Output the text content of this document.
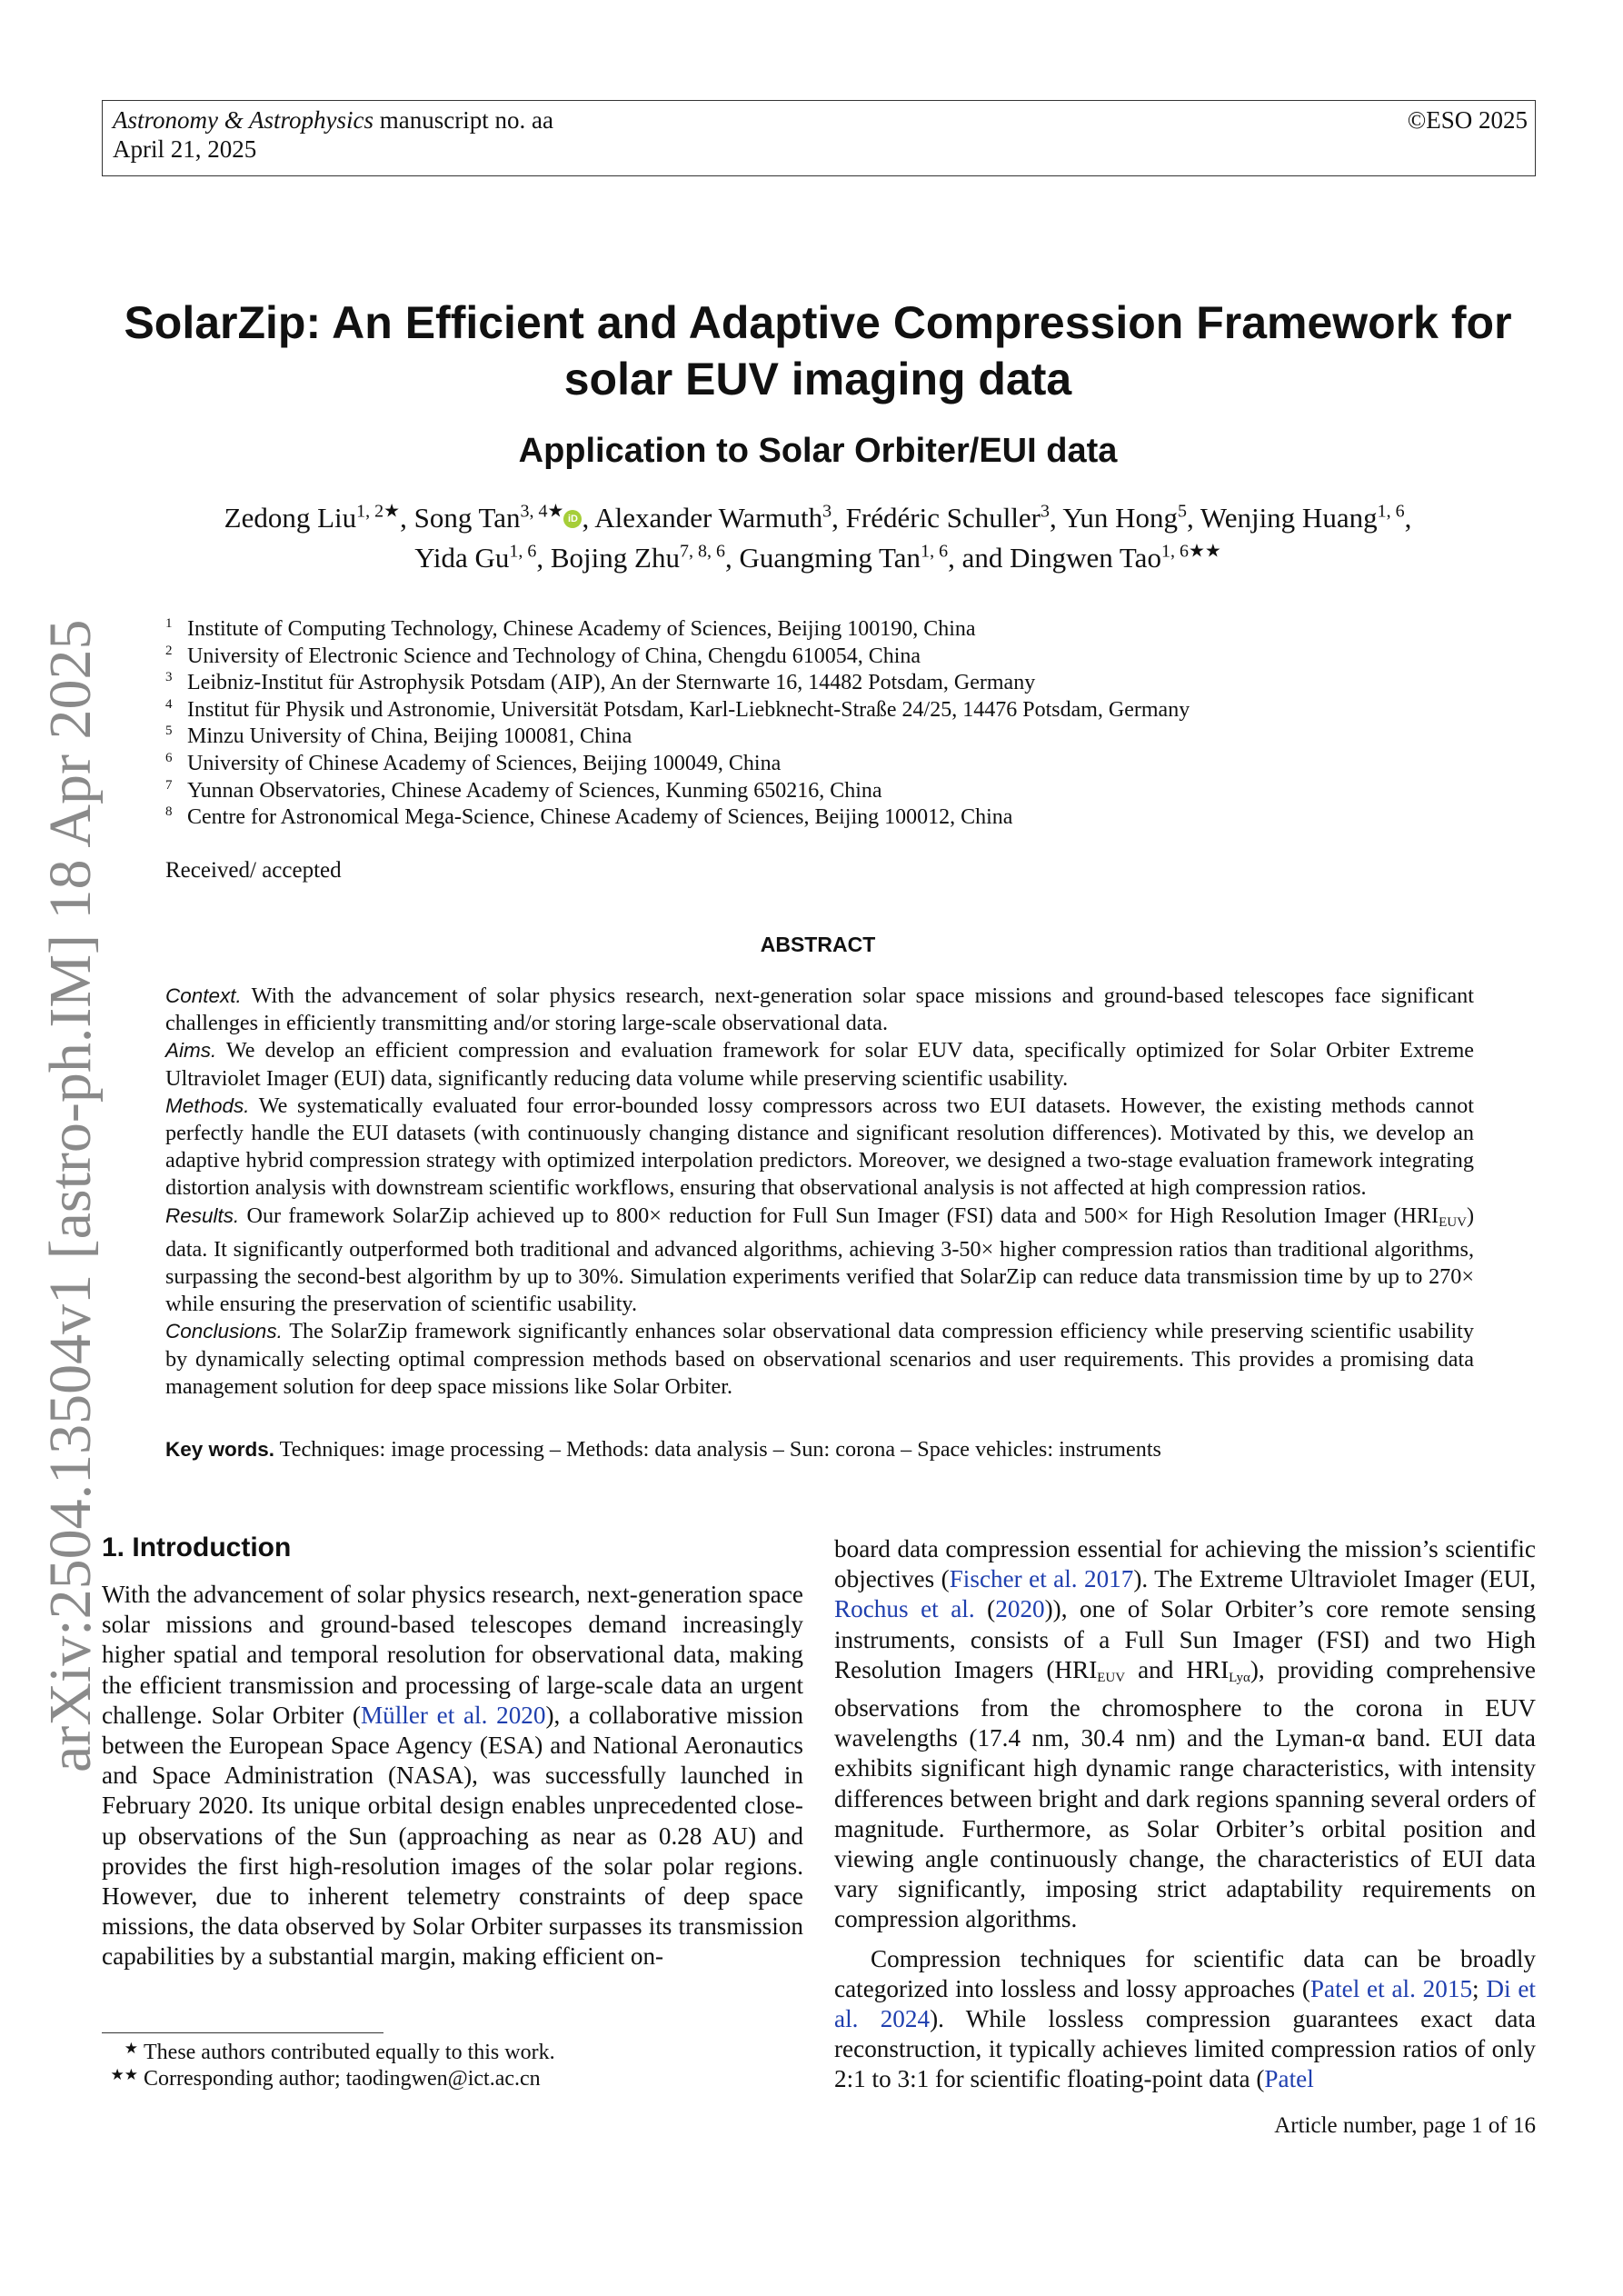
Astronomy & Astrophysics manuscript no. aa
April 21, 2025
©ESO 2025
arXiv:2504.13504v1 [astro-ph.IM] 18 Apr 2025
SolarZip: An Efficient and Adaptive Compression Framework for
solar EUV imaging data
Application to Solar Orbiter/EUI data
Zedong Liu$^{1, 2★}$, Song Tan$^{3, 4★}$ iD , Alexander Warmuth$^3$, Frédéric Schuller$^3$, Yun Hong$^5$, Wenjing Huang$^{1, 6}$,
Yida Gu$^{1, 6}$, Bojing Zhu$^{7, 8, 6}$, Guangming Tan$^{1, 6}$, and Dingwen Tao$^{1, 6★★}$
1 Institute of Computing Technology, Chinese Academy of Sciences, Beijing 100190, China
2 University of Electronic Science and Technology of China, Chengdu 610054, China
3 Leibniz-Institut für Astrophysik Potsdam (AIP), An der Sternwarte 16, 14482 Potsdam, Germany
4 Institut für Physik und Astronomie, Universität Potsdam, Karl-Liebknecht-Straße 24/25, 14476 Potsdam, Germany
5 Minzu University of China, Beijing 100081, China
6 University of Chinese Academy of Sciences, Beijing 100049, China
7 Yunnan Observatories, Chinese Academy of Sciences, Kunming 650216, China
8 Centre for Astronomical Mega-Science, Chinese Academy of Sciences, Beijing 100012, China
Received/ accepted
ABSTRACT

Context. With the advancement of solar physics research, next-generation solar space missions and ground-based telescopes face significant challenges in efficiently transmitting and/or storing large-scale observational data.

Aims. We develop an efficient compression and evaluation framework for solar EUV data, specifically optimized for Solar Orbiter Extreme Ultraviolet Imager (EUI) data, significantly reducing data volume while preserving scientific usability.

Methods. We systematically evaluated four error-bounded lossy compressors across two EUI datasets. However, the existing methods cannot perfectly handle the EUI datasets (with continuously changing distance and significant resolution differences). Motivated by this, we develop an adaptive hybrid compression strategy with optimized interpolation predictors. Moreover, we designed a two-stage evaluation framework integrating distortion analysis with downstream scientific workflows, ensuring that observational analysis is not affected at high compression ratios.

Results. Our framework SolarZip achieved up to 800× reduction for Full Sun Imager (FSI) data and 500× for High Resolution Imager $(HRI_{EUV})$ data. It significantly outperformed both traditional and advanced algorithms, achieving 3-50× higher compression ratios than traditional algorithms, surpassing the second-best algorithm by up to 30%. Simulation experiments verified that SolarZip can reduce data transmission time by up to 270× while ensuring the preservation of scientific usability.

Conclusions. The SolarZip framework significantly enhances solar observational data compression efficiency while preserving scientific usability by dynamically selecting optimal compression methods based on observational scenarios and user requirements. This provides a promising data management solution for deep space missions like Solar Orbiter.

Key words. Techniques: image processing – Methods: data analysis – Sun: corona – Space vehicles: instruments
1. Introduction

With the advancement of solar physics research, next-generation space solar missions and ground-based telescopes demand increasingly higher spatial and temporal resolution for observational data, making the efficient transmission and processing of large-scale data an urgent challenge. Solar Orbiter (Müller et al. 2020), a collaborative mission between the European Space Agency (ESA) and National Aeronautics and Space Administration (NASA), was successfully launched in February 2020. Its unique orbital design enables unprecedented close-up observations of the Sun (approaching as near as 0.28 AU) and provides the first high-resolution images of the solar polar regions. However, due to inherent telemetry constraints of deep space missions, the data observed by Solar Orbiter surpasses its transmission capabilities by a substantial margin, making efficient on-

board data compression essential for achieving the mission’s scientific objectives (Fischer et al. 2017). The Extreme Ultraviolet Imager (EUI, Rochus et al. (2020)), one of Solar Orbiter’s core remote sensing instruments, consists of a Full Sun Imager (FSI) and two High Resolution Imagers ($HRI_{EUV}$ and $HRI_{Ly\alpha}$), providing comprehensive observations from the chromosphere to the corona in EUV wavelengths (17.4 nm, 30.4 nm) and the Lyman-α band. EUI data exhibits significant high dynamic range characteristics, with intensity differences between bright and dark regions spanning several orders of magnitude. Furthermore, as Solar Orbiter’s orbital position and viewing angle continuously change, the characteristics of EUI data vary significantly, imposing strict adaptability requirements on compression algorithms.

Compression techniques for scientific data can be broadly categorized into lossless and lossy approaches (Patel et al. 2015; Di et al. 2024). While lossless compression guarantees exact data reconstruction, it typically achieves limited compression ratios of only 2:1 to 3:1 for scientific floating-point data (Patel

★ These authors contributed equally to this work.
★★ Corresponding author; taodingwen@ict.ac.cn
Article number, page 1 of 16
